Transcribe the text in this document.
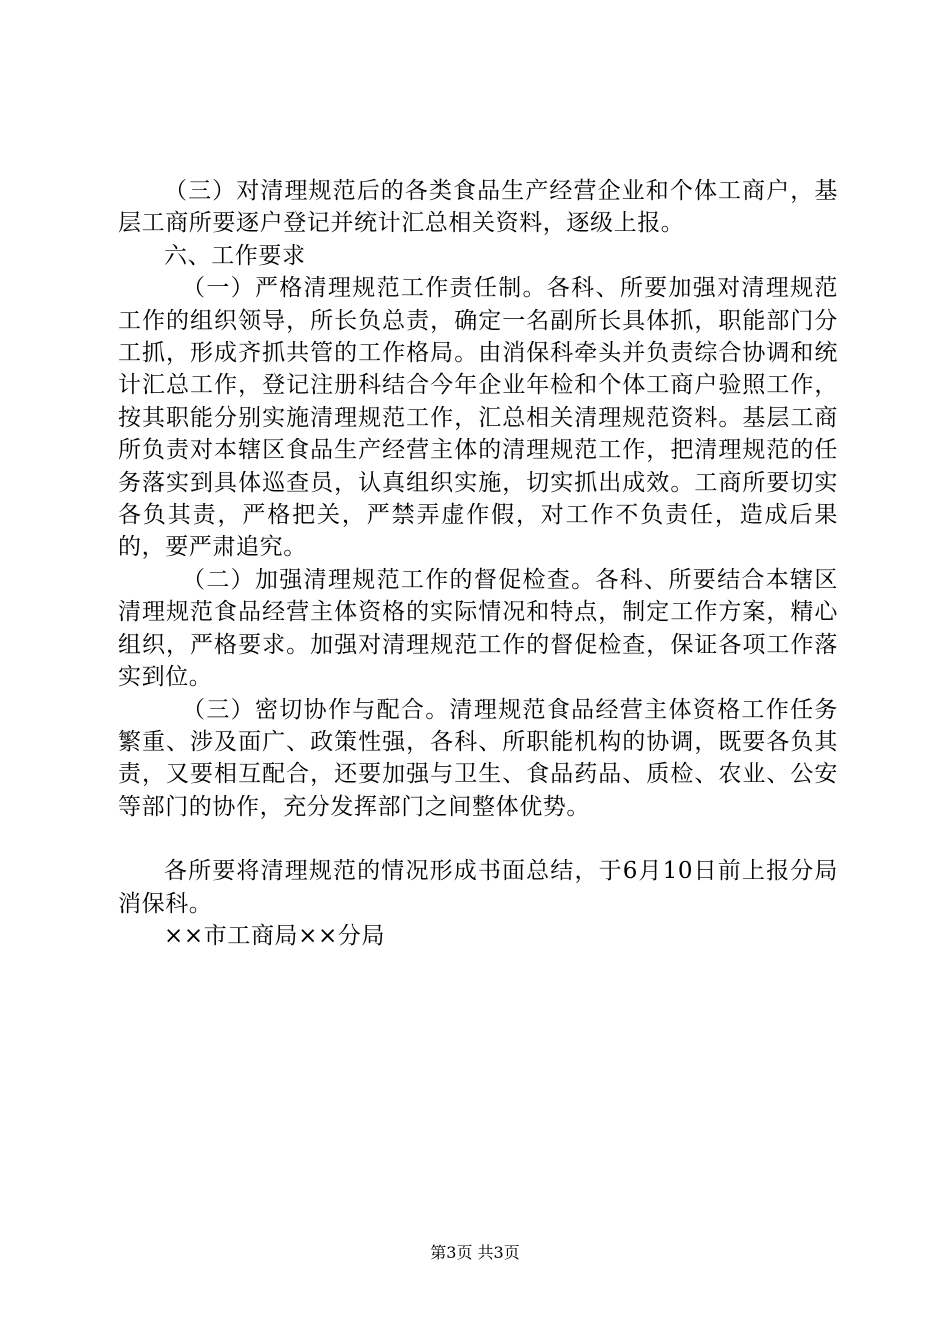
（三）对清理规范后的各类食品生产经营企业和个体工商户，基层工商所要逐户登记并统计汇总相关资料，逐级上报。

六、工作要求

（一）严格清理规范工作责任制。各科、所要加强对清理规范工作的组织领导，所长负总责，确定一名副所长具体抓，职能部门分工抓，形成齐抓共管的工作格局。由消保科牵头并负责综合协调和统计汇总工作，登记注册科结合今年企业年检和个体工商户验照工作，按其职能分别实施清理规范工作，汇总相关清理规范资料。基层工商所负责对本辖区食品生产经营主体的清理规范工作，把清理规范的任务落实到具体巡查员，认真组织实施，切实抓出成效。工商所要切实各负其责，严格把关，严禁弄虚作假，对工作不负责任，造成后果的，要严肃追究。

（二）加强清理规范工作的督促检查。各科、所要结合本辖区清理规范食品经营主体资格的实际情况和特点，制定工作方案，精心组织，严格要求。加强对清理规范工作的督促检查，保证各项工作落实到位。

（三）密切协作与配合。清理规范食品经营主体资格工作任务繁重、涉及面广、政策性强，各科、所职能机构的协调，既要各负其责，又要相互配合，还要加强与卫生、食品药品、质检、农业、公安等部门的协作，充分发挥部门之间整体优势。

各所要将清理规范的情况形成书面总结，于6月10日前上报分局消保科。

××市工商局××分局

第3页 共3页
